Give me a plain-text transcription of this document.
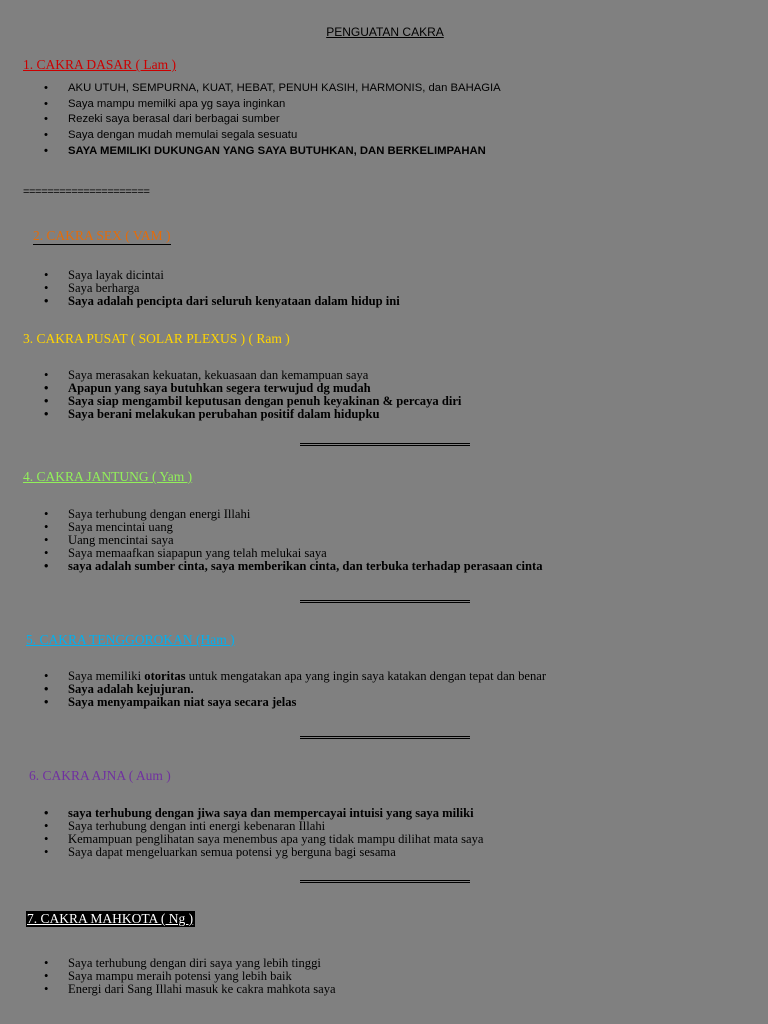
PENGUATAN CAKRA
1. CAKRA DASAR ( Lam )
• AKU UTUH, SEMPURNA, KUAT, HEBAT, PENUH KASIH, HARMONIS, dan BAHAGIA
• Saya mampu memilki apa yg saya inginkan
• Rezeki saya berasal dari berbagai sumber
• Saya dengan mudah memulai segala sesuatu
• SAYA MEMILIKI DUKUNGAN YANG SAYA BUTUHKAN, DAN BERKELIMPAHAN
=====================
2. CAKRA SEX ( VAM )
• Saya layak dicintai
• Saya berharga
• Saya adalah pencipta dari seluruh kenyataan dalam hidup ini
3. CAKRA PUSAT ( SOLAR PLEXUS ) ( Ram )
• Saya merasakan kekuatan, kekuasaan dan kemampuan saya
• Apapun yang saya butuhkan segera terwujud dg mudah
• Saya siap mengambil keputusan dengan penuh keyakinan & percaya diri
• Saya berani melakukan perubahan positif dalam hidupku
4. CAKRA JANTUNG ( Yam )
• Saya terhubung dengan energi Illahi
• Saya mencintai uang
• Uang mencintai saya
• Saya memaafkan siapapun yang telah melukai saya
• saya adalah sumber cinta, saya memberikan cinta, dan terbuka terhadap perasaan cinta
5. CAKRA TENGGOROKAN (Ham )
• Saya memiliki otoritas untuk mengatakan apa yang ingin saya katakan dengan tepat dan benar
• Saya adalah kejujuran.
• Saya menyampaikan niat saya secara jelas
6. CAKRA AJNA ( Aum )
• saya terhubung dengan jiwa saya dan mempercayai intuisi yang saya miliki
• Saya terhubung dengan inti energi kebenaran Illahi
• Kemampuan penglihatan saya menembus apa yang tidak mampu dilihat mata saya
• Saya dapat mengeluarkan semua potensi yg berguna bagi sesama
7. CAKRA MAHKOTA ( Ng )
• Saya terhubung dengan diri saya yang lebih tinggi
• Saya mampu meraih potensi yang lebih baik
• Energi dari Sang Illahi masuk ke cakra mahkota saya
